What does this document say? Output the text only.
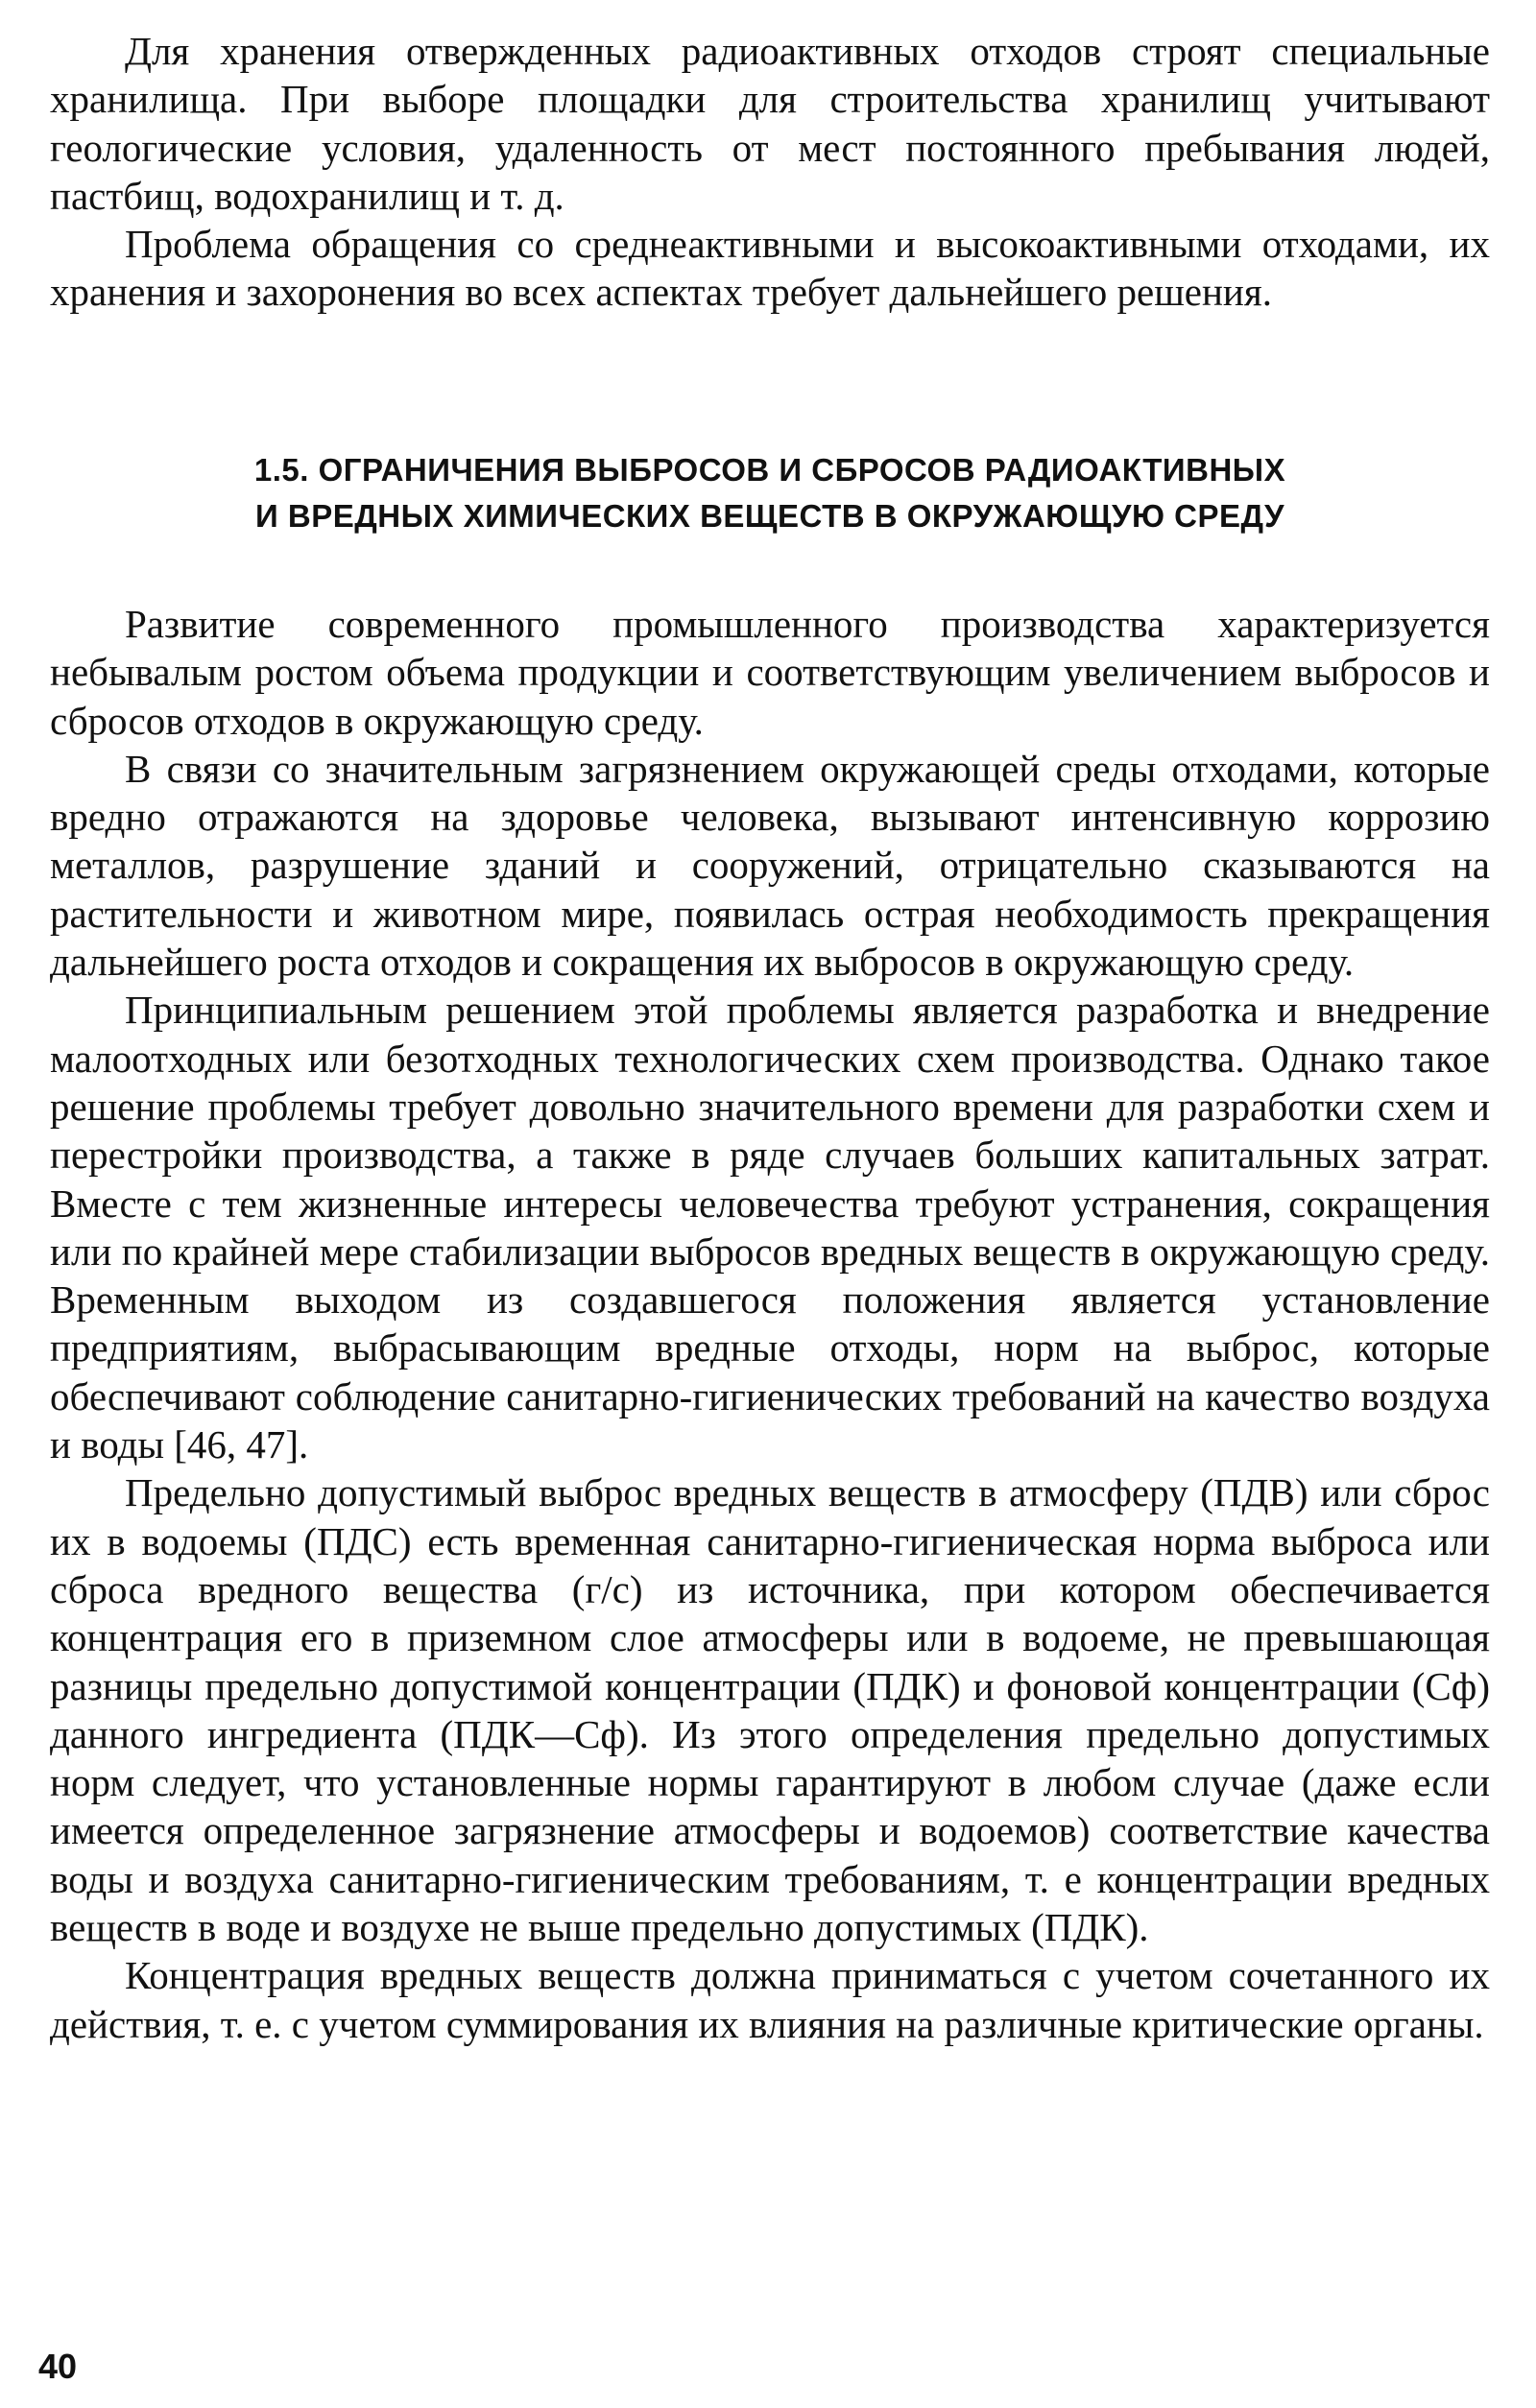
Для хранения отвержденных радиоактивных отходов строят специальные хранилища. При выборе площадки для строительства хранилищ учитывают геологические условия, удаленность от мест постоянного пребывания людей, пастбищ, водохранилищ и т. д.

Проблема обращения со среднеактивными и высокоактивными отходами, их хранения и захоронения во всех аспектах требует дальнейшего решения.

1.5. ОГРАНИЧЕНИЯ ВЫБРОСОВ И СБРОСОВ РАДИОАКТИВНЫХ
И ВРЕДНЫХ ХИМИЧЕСКИХ ВЕЩЕСТВ В ОКРУЖАЮЩУЮ СРЕДУ

Развитие современного промышленного производства характеризуется небывалым ростом объема продукции и соответствующим увеличением выбросов и сбросов отходов в окружающую среду.

В связи со значительным загрязнением окружающей среды отходами, которые вредно отражаются на здоровье человека, вызывают интенсивную коррозию металлов, разрушение зданий и сооружений, отрицательно сказываются на растительности и животном мире, появилась острая необходимость прекращения дальнейшего роста отходов и сокращения их выбросов в окружающую среду.

Принципиальным решением этой проблемы является разработка и внедрение малоотходных или безотходных технологических схем производства. Однако такое решение проблемы требует довольно значительного времени для разработки схем и перестройки производства, а также в ряде случаев больших капитальных затрат. Вместе с тем жизненные интересы человечества требуют устранения, сокращения или по крайней мере стабилизации выбросов вредных веществ в окружающую среду. Временным выходом из создавшегося положения является установление предприятиям, выбрасывающим вредные отходы, норм на выброс, которые обеспечивают соблюдение санитарно-гигиенических требований на качество воздуха и воды [46, 47].

Предельно допустимый выброс вредных веществ в атмосферу (ПДВ) или сброс их в водоемы (ПДС) есть временная санитарно-гигиеническая норма выброса или сброса вредного вещества (г/с) из источника, при котором обеспечивается концентрация его в приземном слое атмосферы или в водоеме, не превышающая разницы предельно допустимой концентрации (ПДК) и фоновой концентрации (Сф) данного ингредиента (ПДК—Сф). Из этого определения предельно допустимых норм следует, что установленные нормы гарантируют в любом случае (даже если имеется определенное загрязнение атмосферы и водоемов) соответствие качества воды и воздуха санитарно-гигиеническим требованиям, т. е концентрации вредных веществ в воде и воздухе не выше предельно допустимых (ПДК).

Концентрация вредных веществ должна приниматься с учетом сочетанного их действия, т. е. с учетом суммирования их влияния на различные критические органы.

40
